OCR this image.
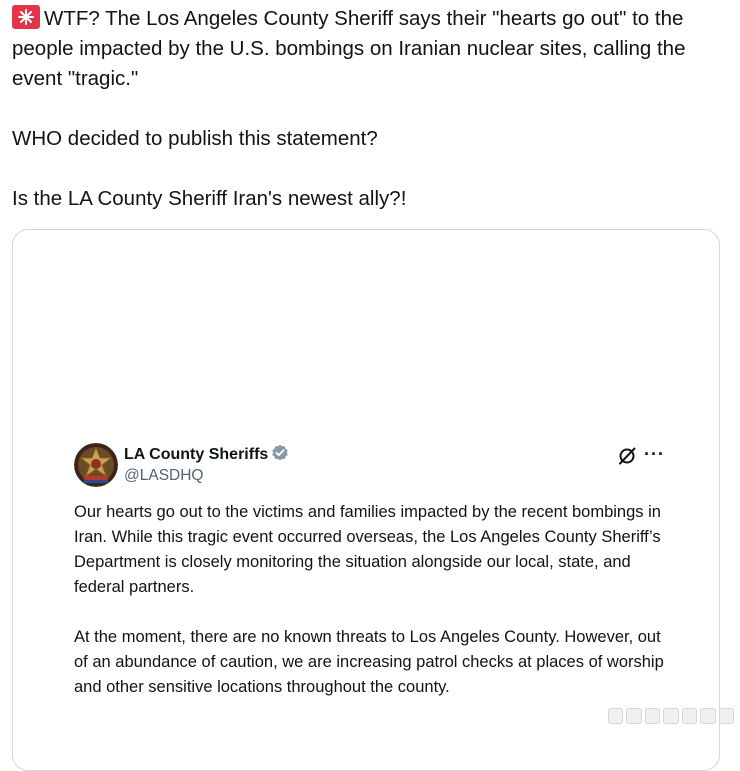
WTF? The Los Angeles County Sheriff says their "hearts go out" to the people impacted by the U.S. bombings on Iranian nuclear sites, calling the event "tragic."

WHO decided to publish this statement?

Is the LA County Sheriff Iran's newest ally?!

LA County Sheriffs
@LASDHQ
···

Our hearts go out to the victims and families impacted by the recent bombings in Iran. While this tragic event occurred overseas, the Los Angeles County Sheriff’s Department is closely monitoring the situation alongside our local, state, and federal partners.

At the moment, there are no known threats to Los Angeles County. However, out of an abundance of caution, we are increasing patrol checks at places of worship and other sensitive locations throughout the county.
